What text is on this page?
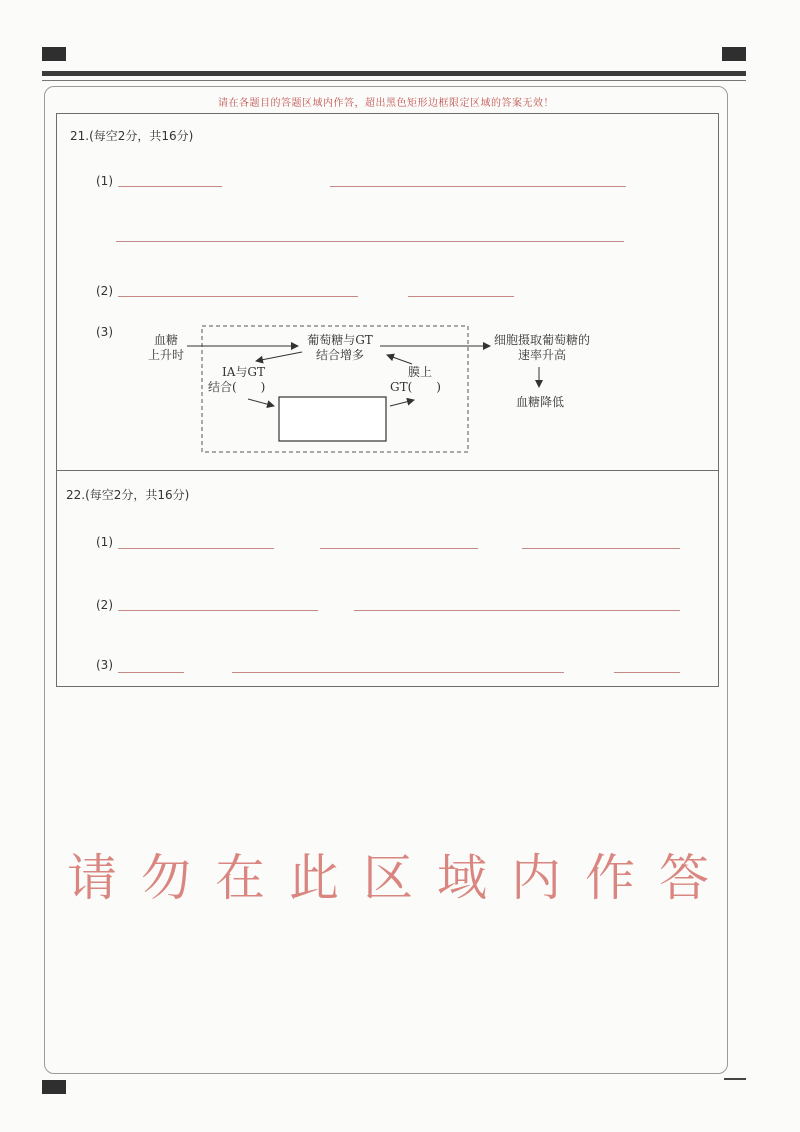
请在各题目的答题区域内作答，超出黑色矩形边框限定区域的答案无效！
21.(每空2分，共16分)
(1)
(2)
(3)
血糖
上升时
葡萄糖与GT
结合增多
IA与GT
结合(　　)
膜上
GT(　　)
细胞摄取葡萄糖的
速率升高
血糖降低
22.(每空2分，共16分)
(1)
(2)
(3)
请勿在此区域内作答
